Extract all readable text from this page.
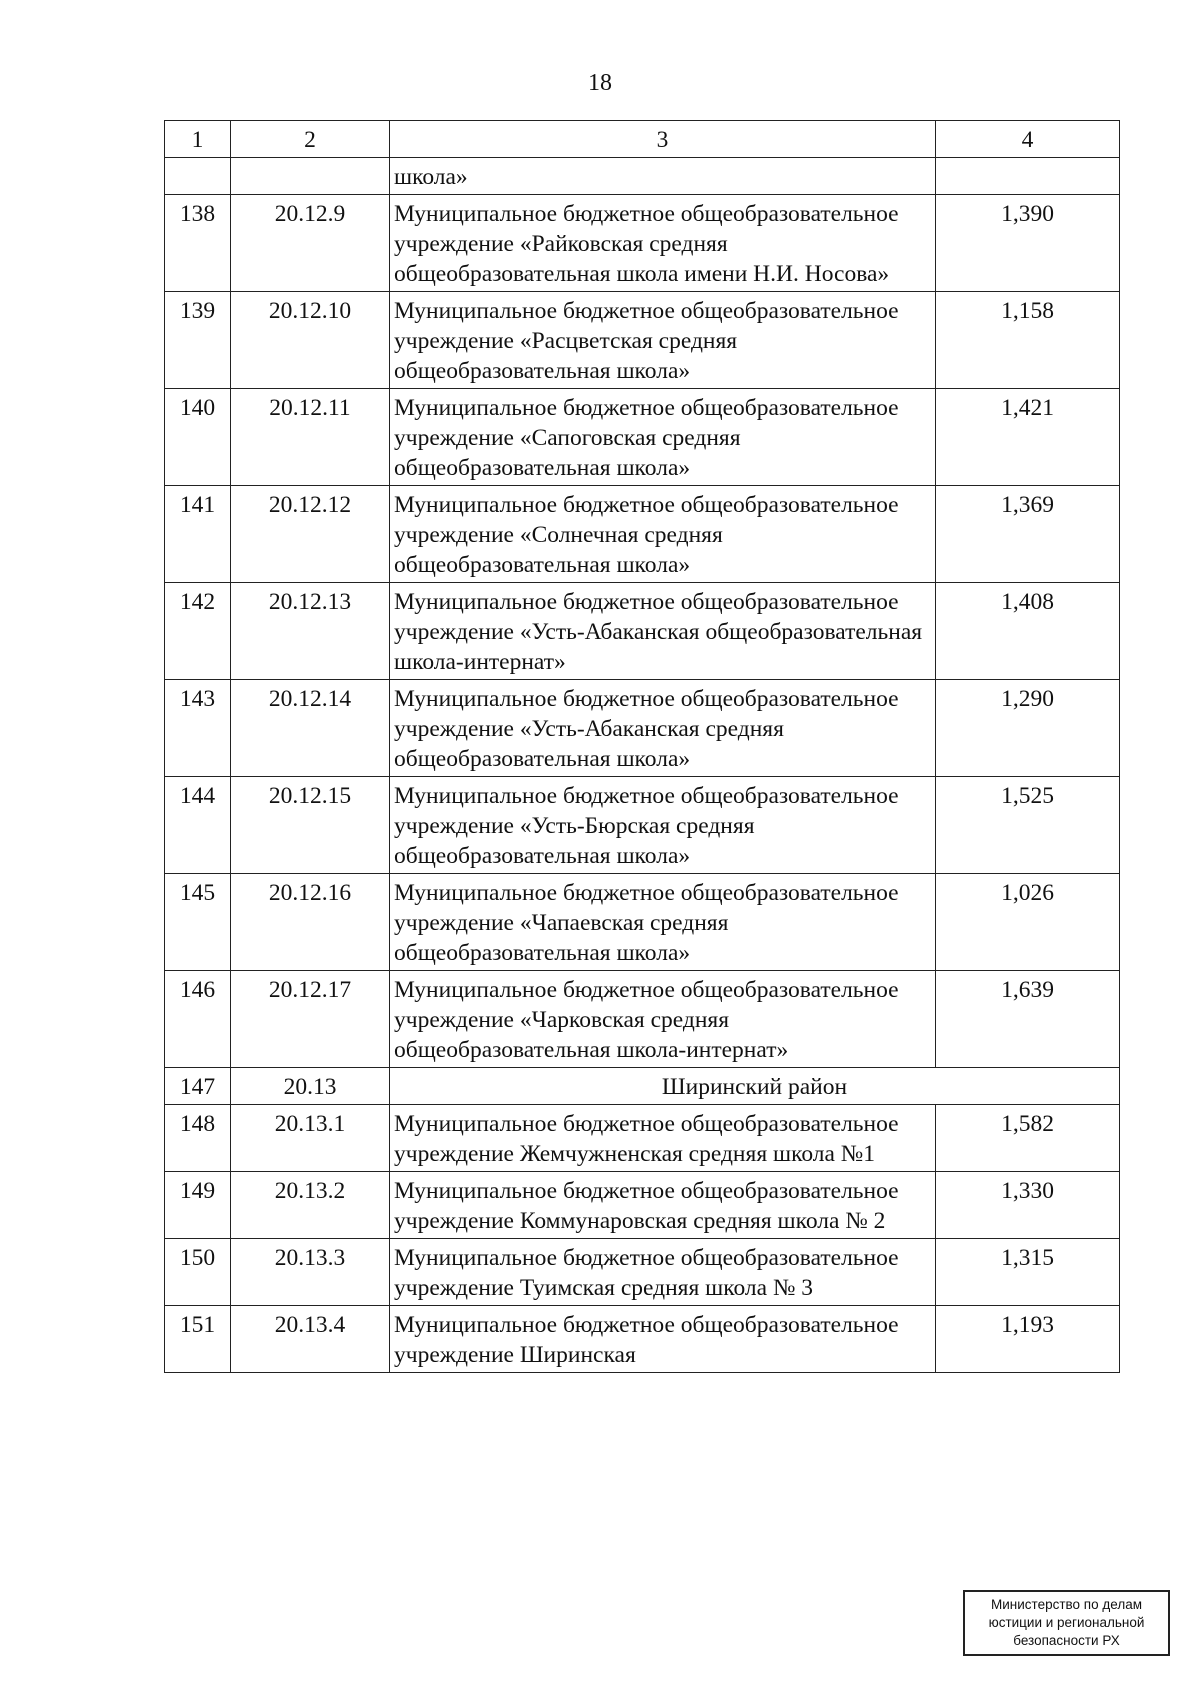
18
1	2	3	4
		школа»	
138	20.12.9	Муниципальное бюджетное общеобразовательное учреждение «Райковская средняя общеобразовательная школа имени Н.И. Носова»	1,390
139	20.12.10	Муниципальное бюджетное общеобразовательное учреждение «Расцветская средняя общеобразовательная школа»	1,158
140	20.12.11	Муниципальное бюджетное общеобразовательное учреждение «Сапоговская средняя общеобразовательная школа»	1,421
141	20.12.12	Муниципальное бюджетное общеобразовательное учреждение «Солнечная средняя общеобразовательная школа»	1,369
142	20.12.13	Муниципальное бюджетное общеобразовательное учреждение «Усть-Абаканская общеобразовательная школа-интернат»	1,408
143	20.12.14	Муниципальное бюджетное общеобразовательное учреждение «Усть-Абаканская средняя общеобразовательная школа»	1,290
144	20.12.15	Муниципальное бюджетное общеобразовательное учреждение «Усть-Бюрская средняя общеобразовательная школа»	1,525
145	20.12.16	Муниципальное бюджетное общеобразовательное учреждение «Чапаевская средняя общеобразовательная школа»	1,026
146	20.12.17	Муниципальное бюджетное общеобразовательное учреждение «Чарковская средняя общеобразовательная школа-интернат»	1,639
147	20.13	Ширинский район	
148	20.13.1	Муниципальное бюджетное общеобразовательное учреждение Жемчужненская средняя школа №1	1,582
149	20.13.2	Муниципальное бюджетное общеобразовательное учреждение Коммунаровская средняя школа № 2	1,330
150	20.13.3	Муниципальное бюджетное общеобразовательное учреждение Туимская средняя школа № 3	1,315
151	20.13.4	Муниципальное бюджетное общеобразовательное учреждение Ширинская	1,193
Министерство по делам
юстиции и региональной
безопасности РХ
